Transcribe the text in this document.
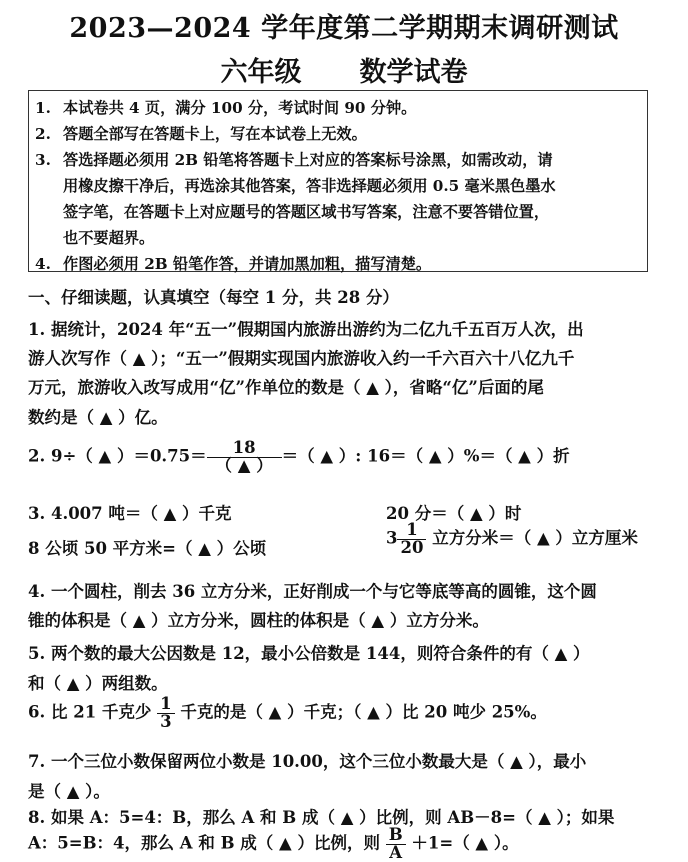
2023—2024 学年度第二学期期末调研测试
六年级 数学试卷
1. 本试卷共 4 页，满分 100 分，考试时间 90 分钟。
2. 答题全部写在答题卡上，写在本试卷上无效。
3. 答选择题必须用 2B 铅笔将答题卡上对应的答案标号涂黑，如需改动，请
用橡皮擦干净后，再选涂其他答案，答非选择题必须用 0.5 毫米黑色墨水
签字笔，在答题卡上对应题号的答题区域书写答案，注意不要答错位置，
也不要超界。
4. 作图必须用 2B 铅笔作答，并请加黑加粗，描写清楚。
一、仔细读题，认真填空（每空 1 分，共 28 分）
1. 据统计，2024 年“五一”假期国内旅游出游约为二亿九千五百万人次，出
游人次写作（ ▲ ）；“五一”假期实现国内旅游收入约一千六百六十八亿九千
万元，旅游收入改写成用“亿”作单位的数是（ ▲ ），省略“亿”后面的尾
数约是（ ▲ ）亿。
2. 9÷（ ▲ ）$=0.75= \frac{18}{( ▲ )}$ ＝（ ▲ ）: 16＝（ ▲ ）%＝（ ▲ ）折
3. 4.007 吨＝（ ▲ ）千克	20 分＝（ ▲ ）时
8 公顷 50 平方米=（ ▲ ）公顷
$3 \frac{1}{20}$ 立方分米＝（ ▲ ）立方厘米
4. 一个圆柱，削去 36 立方分米，正好削成一个与它等底等高的圆锥，这个圆
锥的体积是（ ▲ ）立方分米，圆柱的体积是（ ▲ ）立方分米。
5. 两个数的最大公因数是 12，最小公倍数是 144，则符合条件的有（ ▲ ）
和（ ▲ ）两组数。
6. 比 21 千克少 $\frac{1}{3}$ 千克的是（ ▲ ）千克；（ ▲ ）比 20 吨少 25%。
7. 一个三位小数保留两位小数是 10.00，这个三位小数最大是（ ▲ ），最小
是（ ▲ ）。
8. 如果 A：5=4：B，那么 A 和 B 成（ ▲ ）比例，则 AB－8=（ ▲ ）；如果
A：5=B：4，那么 A 和 B 成（ ▲ ）比例，则 $\frac{B}{A} +1=$（ ▲ ）。
